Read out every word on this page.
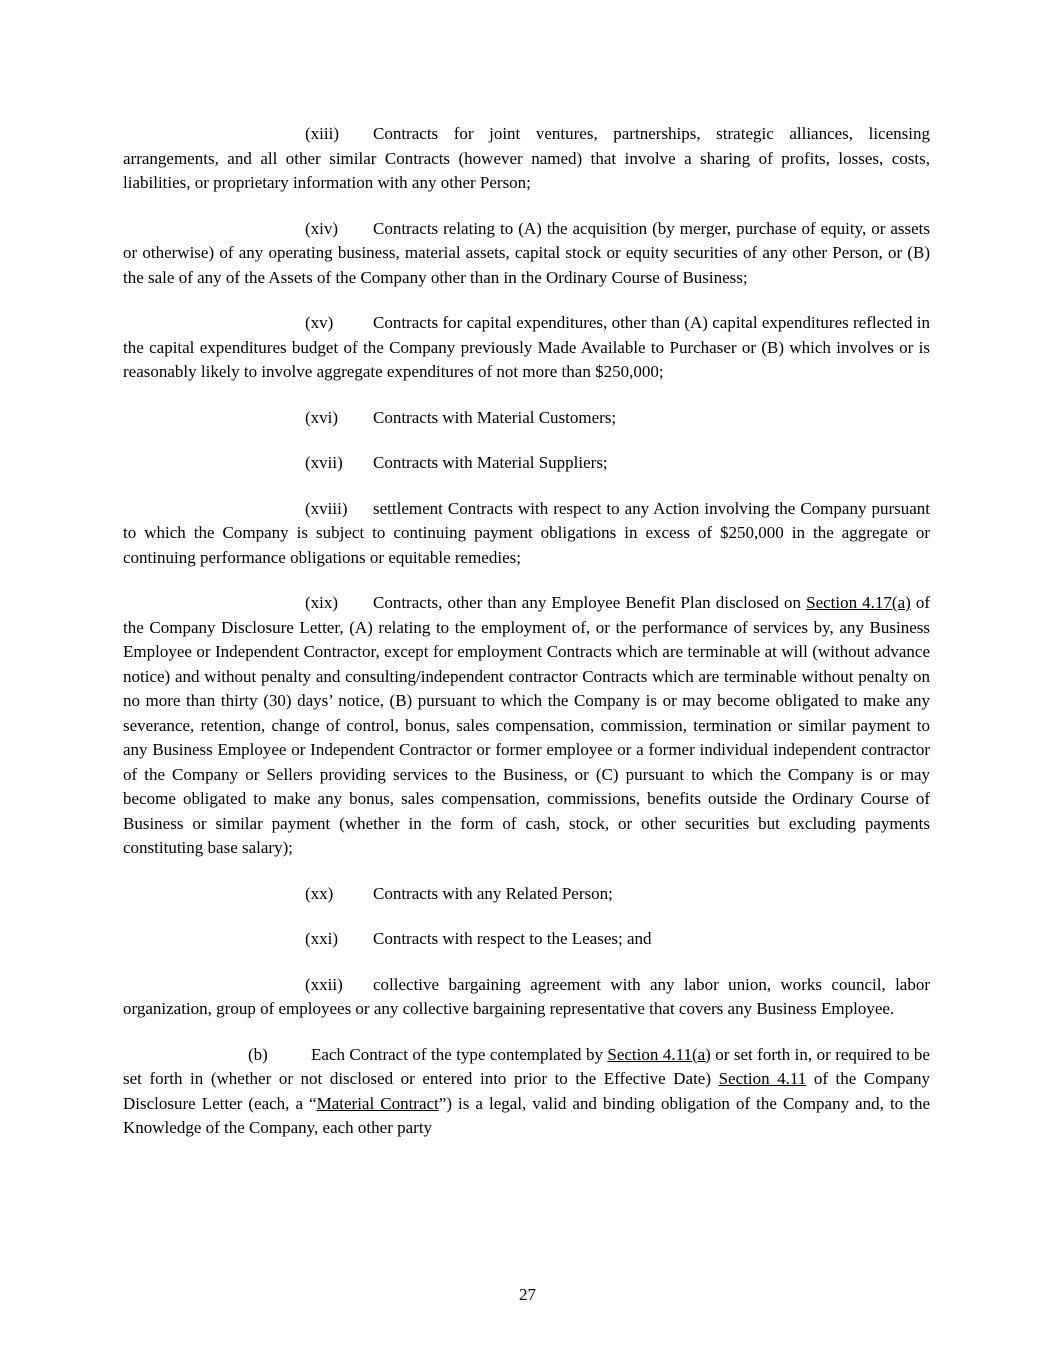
(xiii) Contracts for joint ventures, partnerships, strategic alliances, licensing arrangements, and all other similar Contracts (however named) that involve a sharing of profits, losses, costs, liabilities, or proprietary information with any other Person;

(xiv) Contracts relating to (A) the acquisition (by merger, purchase of equity, or assets or otherwise) of any operating business, material assets, capital stock or equity securities of any other Person, or (B) the sale of any of the Assets of the Company other than in the Ordinary Course of Business;

(xv) Contracts for capital expenditures, other than (A) capital expenditures reflected in the capital expenditures budget of the Company previously Made Available to Purchaser or (B) which involves or is reasonably likely to involve aggregate expenditures of not more than $250,000;

(xvi) Contracts with Material Customers;

(xvii) Contracts with Material Suppliers;

(xviii) settlement Contracts with respect to any Action involving the Company pursuant to which the Company is subject to continuing payment obligations in excess of $250,000 in the aggregate or continuing performance obligations or equitable remedies;

(xix) Contracts, other than any Employee Benefit Plan disclosed on Section 4.17(a) of the Company Disclosure Letter, (A) relating to the employment of, or the performance of services by, any Business Employee or Independent Contractor, except for employment Contracts which are terminable at will (without advance notice) and without penalty and consulting/independent contractor Contracts which are terminable without penalty on no more than thirty (30) days’ notice, (B) pursuant to which the Company is or may become obligated to make any severance, retention, change of control, bonus, sales compensation, commission, termination or similar payment to any Business Employee or Independent Contractor or former employee or a former individual independent contractor of the Company or Sellers providing services to the Business, or (C) pursuant to which the Company is or may become obligated to make any bonus, sales compensation, commissions, benefits outside the Ordinary Course of Business or similar payment (whether in the form of cash, stock, or other securities but excluding payments constituting base salary);

(xx) Contracts with any Related Person;

(xxi) Contracts with respect to the Leases; and

(xxii) collective bargaining agreement with any labor union, works council, labor organization, group of employees or any collective bargaining representative that covers any Business Employee.

(b)	Each Contract of the type contemplated by Section 4.11(a) or set forth in, or required to be set forth in (whether or not disclosed or entered into prior to the Effective Date) Section 4.11 of the Company Disclosure Letter (each, a “Material Contract”) is a legal, valid and binding obligation of the Company and, to the Knowledge of the Company, each other party

27
